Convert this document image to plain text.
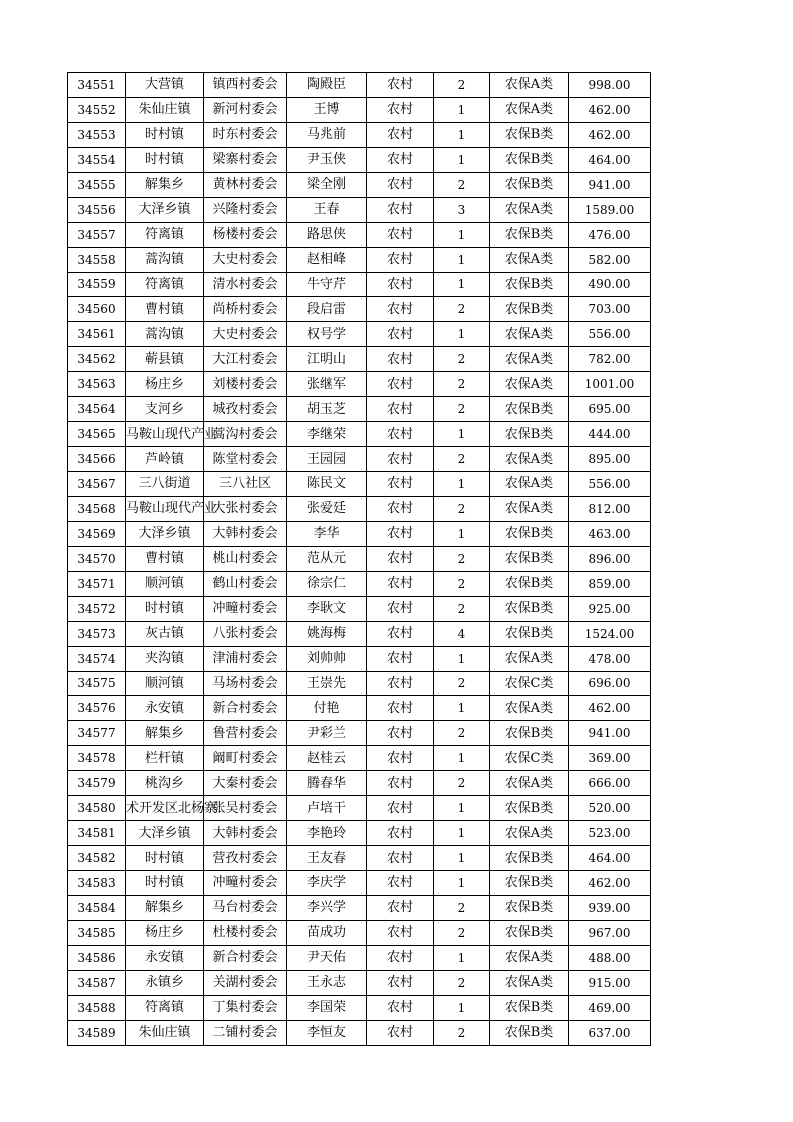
34551	大营镇	镇西村委会	陶殿臣	农村	2	农保A类	998.00
34552	朱仙庄镇	新河村委会	王博	农村	1	农保A类	462.00
34553	时村镇	时东村委会	马兆前	农村	1	农保B类	462.00
34554	时村镇	梁寨村委会	尹玉侠	农村	1	农保B类	464.00
34555	解集乡	黄林村委会	梁全刚	农村	2	农保B类	941.00
34556	大泽乡镇	兴隆村委会	王春	农村	3	农保A类	1589.00
34557	符离镇	杨楼村委会	路思侠	农村	1	农保B类	476.00
34558	蒿沟镇	大史村委会	赵相峰	农村	1	农保A类	582.00
34559	符离镇	清水村委会	牛守芹	农村	1	农保B类	490.00
34560	曹村镇	尚桥村委会	段启雷	农村	2	农保B类	703.00
34561	蒿沟镇	大史村委会	权号学	农村	1	农保A类	556.00
34562	蕲县镇	大江村委会	江明山	农村	2	农保A类	782.00
34563	杨庄乡	刘楼村委会	张继军	农村	2	农保A类	1001.00
34564	支河乡	城孜村委会	胡玉芝	农村	2	农保B类	695.00
34565	马鞍山现代产业	蒿沟村委会	李继荣	农村	1	农保B类	444.00
34566	芦岭镇	陈堂村委会	王园园	农村	2	农保A类	895.00
34567	三八街道	三八社区	陈民文	农村	1	农保A类	556.00
34568	马鞍山现代产业	大张村委会	张爱廷	农村	2	农保A类	812.00
34569	大泽乡镇	大韩村委会	李华	农村	1	农保B类	463.00
34570	曹村镇	桃山村委会	范从元	农村	2	农保B类	896.00
34571	顺河镇	鹤山村委会	徐宗仁	农村	2	农保B类	859.00
34572	时村镇	冲疃村委会	李耿文	农村	2	农保B类	925.00
34573	灰古镇	八张村委会	姚海梅	农村	4	农保B类	1524.00
34574	夹沟镇	津浦村委会	刘帅帅	农村	1	农保A类	478.00
34575	顺河镇	马场村委会	王崇先	农村	2	农保C类	696.00
34576	永安镇	新合村委会	付艳	农村	1	农保A类	462.00
34577	解集乡	鲁营村委会	尹彩兰	农村	2	农保B类	941.00
34578	栏杆镇	阚町村委会	赵桂云	农村	1	农保C类	369.00
34579	桃沟乡	大秦村委会	腾春华	农村	2	农保A类	666.00
34580	术开发区北杨寨	张吴村委会	卢培干	农村	1	农保B类	520.00
34581	大泽乡镇	大韩村委会	李艳玲	农村	1	农保A类	523.00
34582	时村镇	营孜村委会	王友春	农村	1	农保B类	464.00
34583	时村镇	冲疃村委会	李庆学	农村	1	农保B类	462.00
34584	解集乡	马台村委会	李兴学	农村	2	农保B类	939.00
34585	杨庄乡	杜楼村委会	苗成功	农村	2	农保B类	967.00
34586	永安镇	新合村委会	尹天佑	农村	1	农保A类	488.00
34587	永镇乡	关湖村委会	王永志	农村	2	农保A类	915.00
34588	符离镇	丁集村委会	李国荣	农村	1	农保B类	469.00
34589	朱仙庄镇	二铺村委会	李恒友	农村	2	农保B类	637.00
